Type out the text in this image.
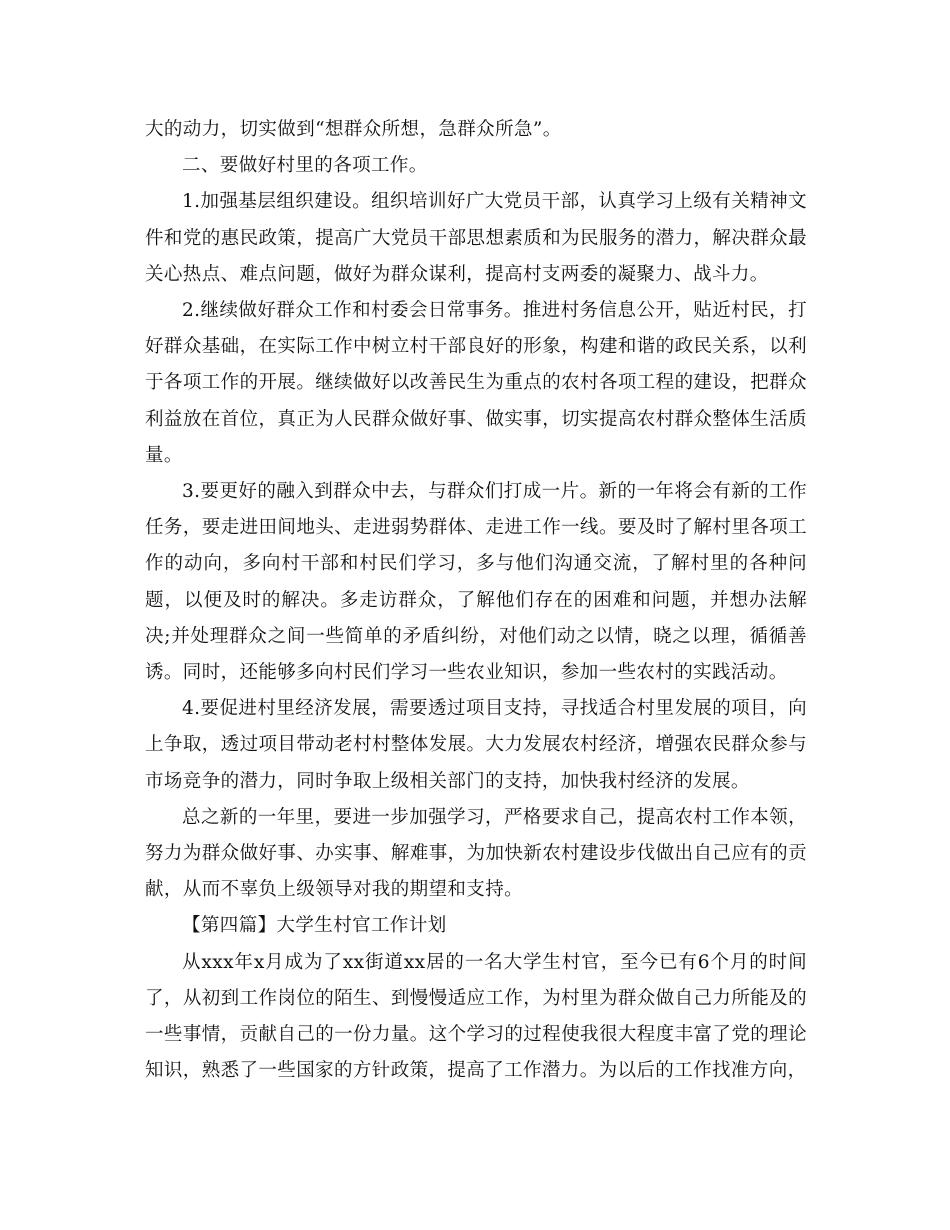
大的动力，切实做到“想群众所想，急群众所急”。

二、要做好村里的各项工作。

1.加强基层组织建设。组织培训好广大党员干部，认真学习上级有关精神文件和党的惠民政策，提高广大党员干部思想素质和为民服务的潜力，解决群众最关心热点、难点问题，做好为群众谋利，提高村支两委的凝聚力、战斗力。

2.继续做好群众工作和村委会日常事务。推进村务信息公开，贴近村民，打好群众基础，在实际工作中树立村干部良好的形象，构建和谐的政民关系，以利于各项工作的开展。继续做好以改善民生为重点的农村各项工程的建设，把群众利益放在首位，真正为人民群众做好事、做实事，切实提高农村群众整体生活质量。

3.要更好的融入到群众中去，与群众们打成一片。新的一年将会有新的工作任务，要走进田间地头、走进弱势群体、走进工作一线。要及时了解村里各项工作的动向，多向村干部和村民们学习，多与他们沟通交流，了解村里的各种问题，以便及时的解决。多走访群众，了解他们存在的困难和问题，并想办法解决;并处理群众之间一些简单的矛盾纠纷，对他们动之以情，晓之以理，循循善诱。同时，还能够多向村民们学习一些农业知识，参加一些农村的实践活动。

4.要促进村里经济发展，需要透过项目支持，寻找适合村里发展的项目，向上争取，透过项目带动老村村整体发展。大力发展农村经济，增强农民群众参与市场竞争的潜力，同时争取上级相关部门的支持，加快我村经济的发展。

总之新的一年里，要进一步加强学习，严格要求自己，提高农村工作本领，努力为群众做好事、办实事、解难事，为加快新农村建设步伐做出自己应有的贡献，从而不辜负上级领导对我的期望和支持。

【第四篇】大学生村官工作计划

从xxx年x月成为了xx街道xx居的一名大学生村官，至今已有6个月的时间了，从初到工作岗位的陌生、到慢慢适应工作，为村里为群众做自己力所能及的一些事情，贡献自己的一份力量。这个学习的过程使我很大程度丰富了党的理论知识，熟悉了一些国家的方针政策，提高了工作潜力。为以后的工作找准方向，
